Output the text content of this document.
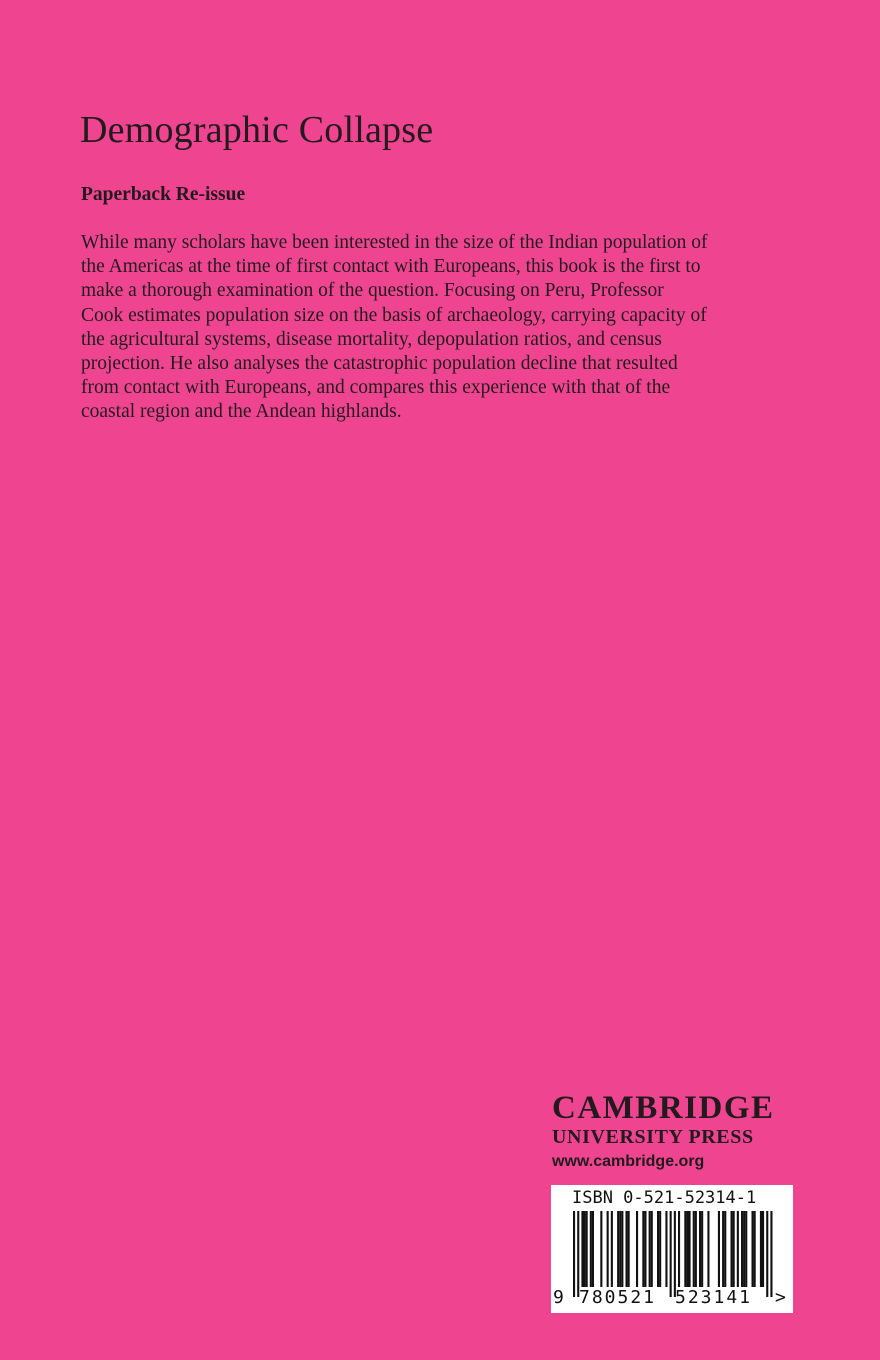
Demographic Collapse
Paperback Re-issue
While many scholars have been interested in the size of the Indian population of
the Americas at the time of first contact with Europeans, this book is the first to
make a thorough examination of the question. Focusing on Peru, Professor
Cook estimates population size on the basis of archaeology, carrying capacity of
the agricultural systems, disease mortality, depopulation ratios, and census
projection. He also analyses the catastrophic population decline that resulted
from contact with Europeans, and compares this experience with that of the
coastal region and the Andean highlands.
CAMBRIDGE
UNIVERSITY PRESS
www.cambridge.org
ISBN 0-521-52314-1
9 780521 523141 >
